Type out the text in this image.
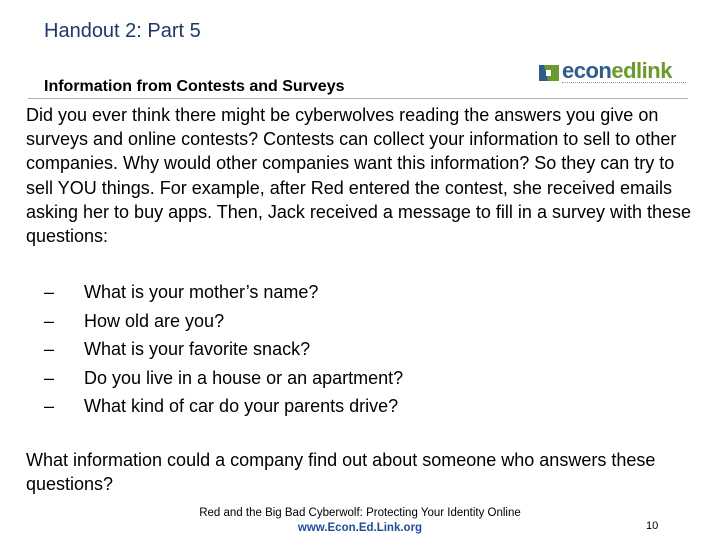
Handout 2: Part 5
econedlink
Information from Contests and Surveys
Did you ever think there might be cyberwolves reading the answers you give on surveys and online contests? Contests can collect your information to sell to other companies. Why would other companies want this information? So they can try to sell YOU things. For example, after Red entered the contest, she received emails asking her to buy apps. Then, Jack received a message to fill in a survey with these questions:
–	What is your mother’s name?
–	How old are you?
–	What is your favorite snack?
–	Do you live in a house or an apartment?
–	What kind of car do your parents drive?
What information could a company find out about someone who answers these questions?
Red and the Big Bad Cyberwolf: Protecting Your Identity Online
www.Econ.Ed.Link.org	10
